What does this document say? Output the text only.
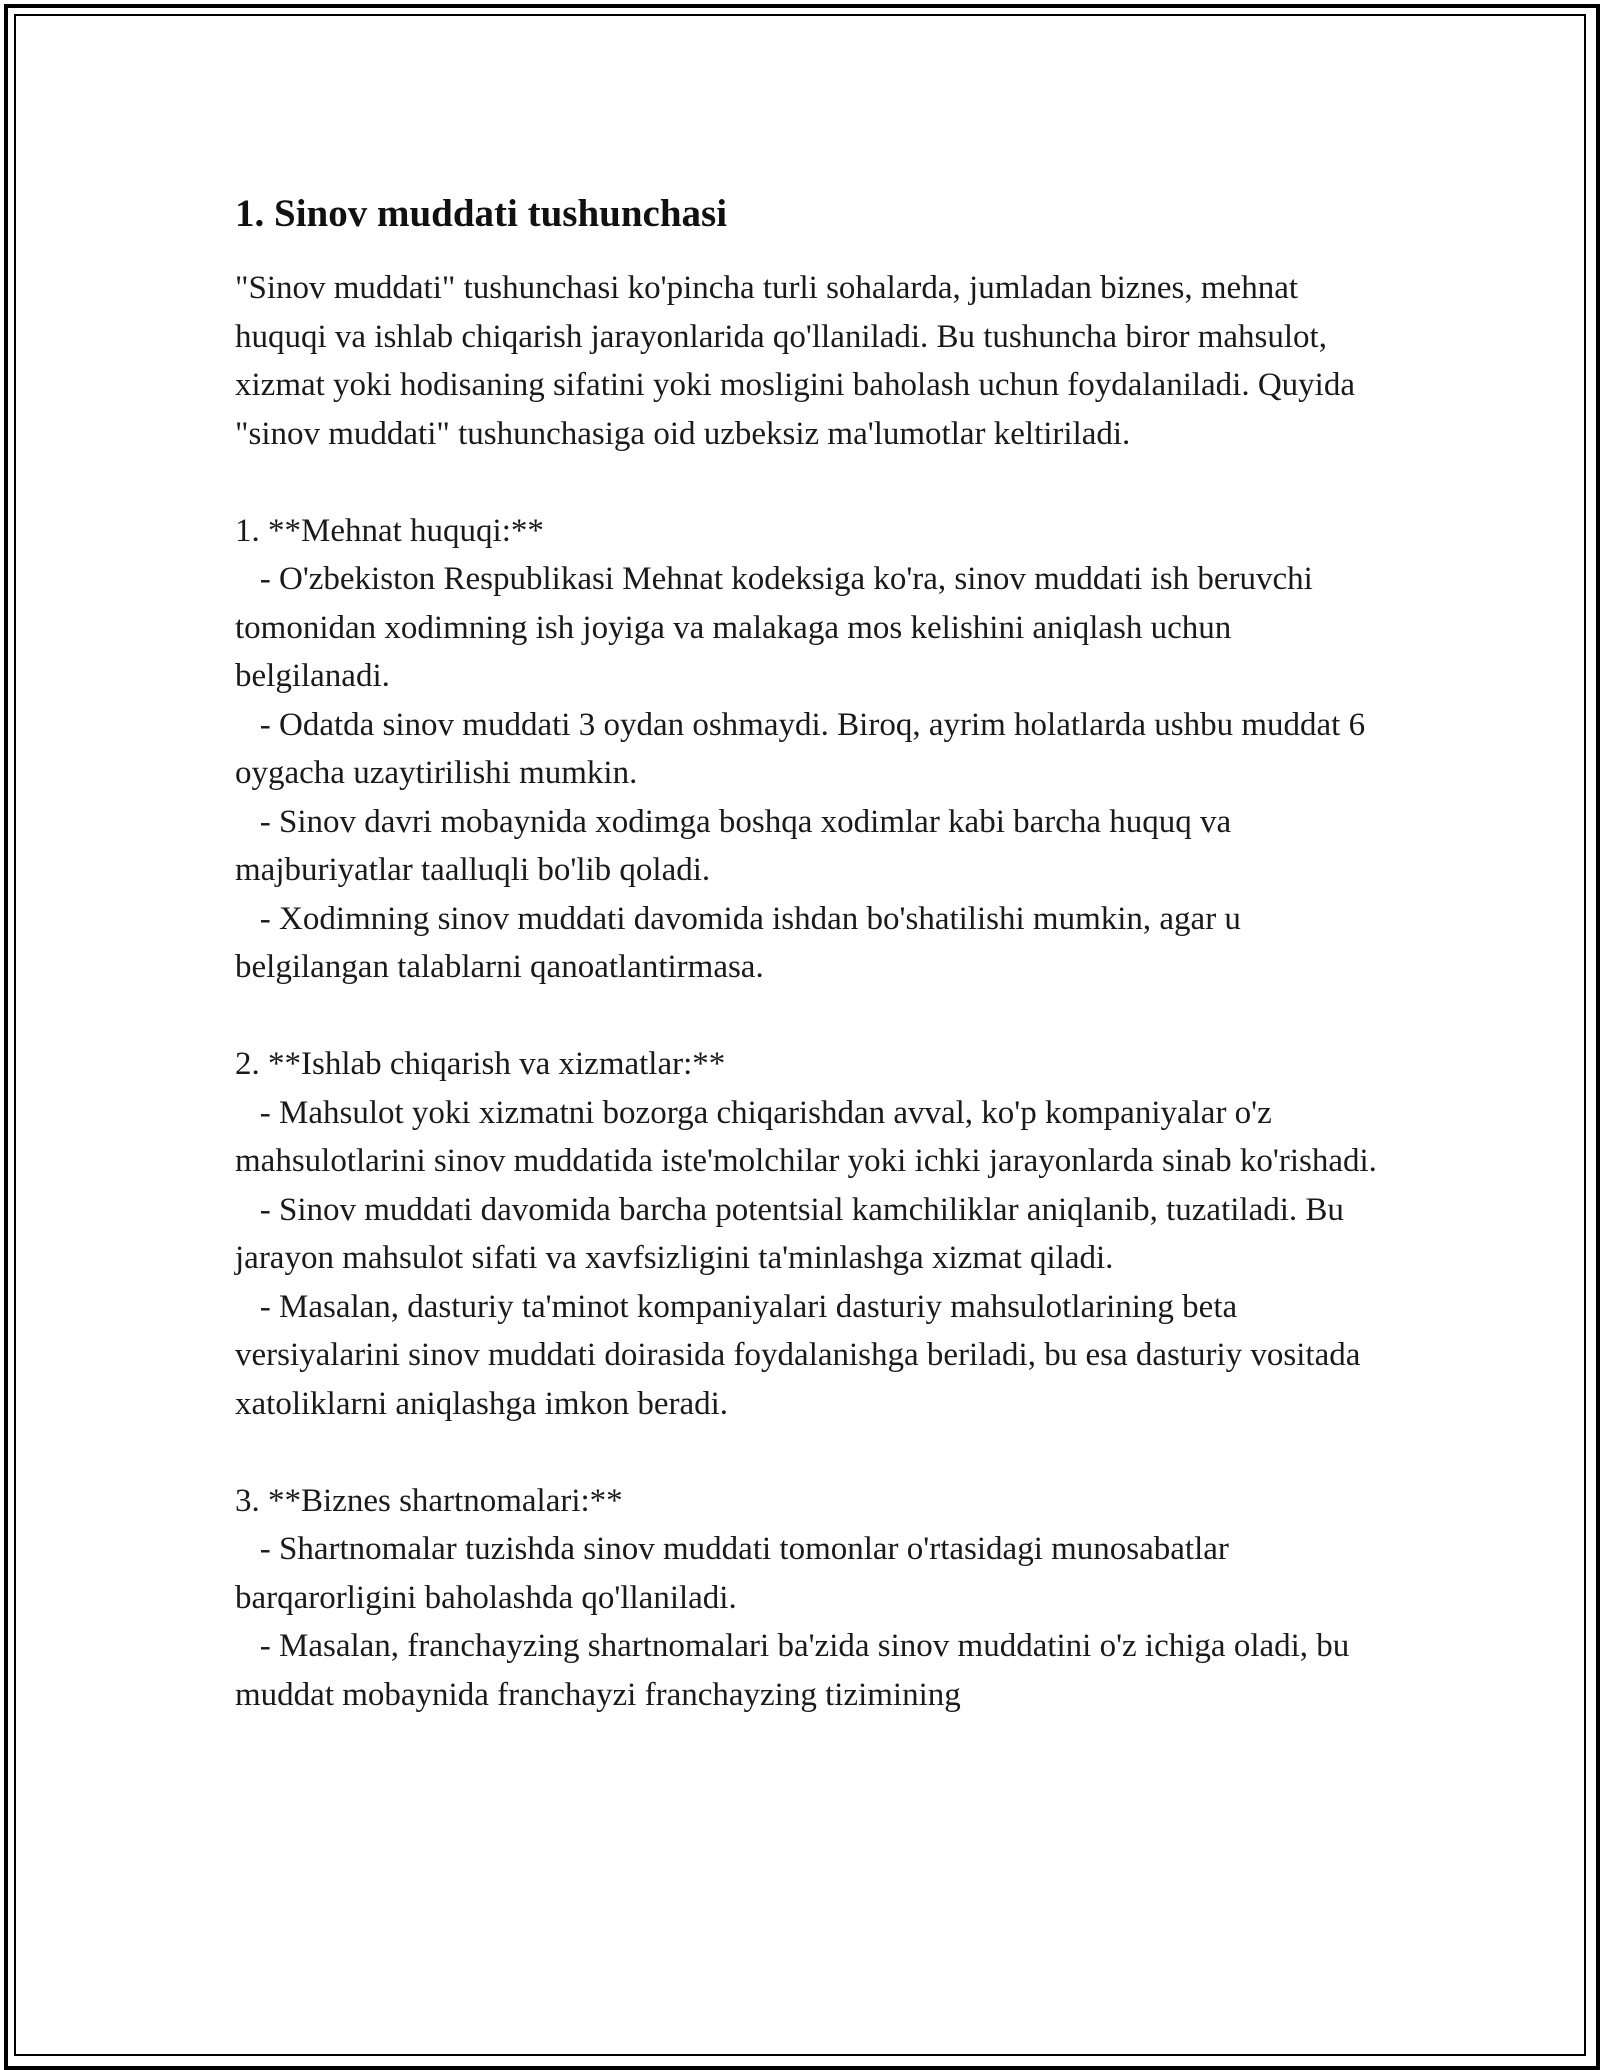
1. Sinov muddati tushunchasi

"Sinov muddati" tushunchasi ko'pincha turli sohalarda, jumladan biznes, mehnat huquqi va ishlab chiqarish jarayonlarida qo'llaniladi. Bu tushuncha biror mahsulot, xizmat yoki hodisaning sifatini yoki mosligini baholash uchun foydalaniladi. Quyida "sinov muddati" tushunchasiga oid uzbeksiz ma'lumotlar keltiriladi.

1. **Mehnat huquqi:**

- O'zbekiston Respublikasi Mehnat kodeksiga ko'ra, sinov muddati ish beruvchi tomonidan xodimning ish joyiga va malakaga mos kelishini aniqlash uchun belgilanadi.

- Odatda sinov muddati 3 oydan oshmaydi. Biroq, ayrim holatlarda ushbu muddat 6 oygacha uzaytirilishi mumkin.

- Sinov davri mobaynida xodimga boshqa xodimlar kabi barcha huquq va majburiyatlar taalluqli bo'lib qoladi.

- Xodimning sinov muddati davomida ishdan bo'shatilishi mumkin, agar u belgilangan talablarni qanoatlantirmasa.

2. **Ishlab chiqarish va xizmatlar:**

- Mahsulot yoki xizmatni bozorga chiqarishdan avval, ko'p kompaniyalar o'z mahsulotlarini sinov muddatida iste'molchilar yoki ichki jarayonlarda sinab ko'rishadi.

- Sinov muddati davomida barcha potentsial kamchiliklar aniqlanib, tuzatiladi. Bu jarayon mahsulot sifati va xavfsizligini ta'minlashga xizmat qiladi.

- Masalan, dasturiy ta'minot kompaniyalari dasturiy mahsulotlarining beta versiyalarini sinov muddati doirasida foydalanishga beriladi, bu esa dasturiy vositada xatoliklarni aniqlashga imkon beradi.

3. **Biznes shartnomalari:**

- Shartnomalar tuzishda sinov muddati tomonlar o'rtasidagi munosabatlar barqarorligini baholashda qo'llaniladi.

- Masalan, franchayzing shartnomalari ba'zida sinov muddatini o'z ichiga oladi, bu muddat mobaynida franchayzi franchayzing tizimining
